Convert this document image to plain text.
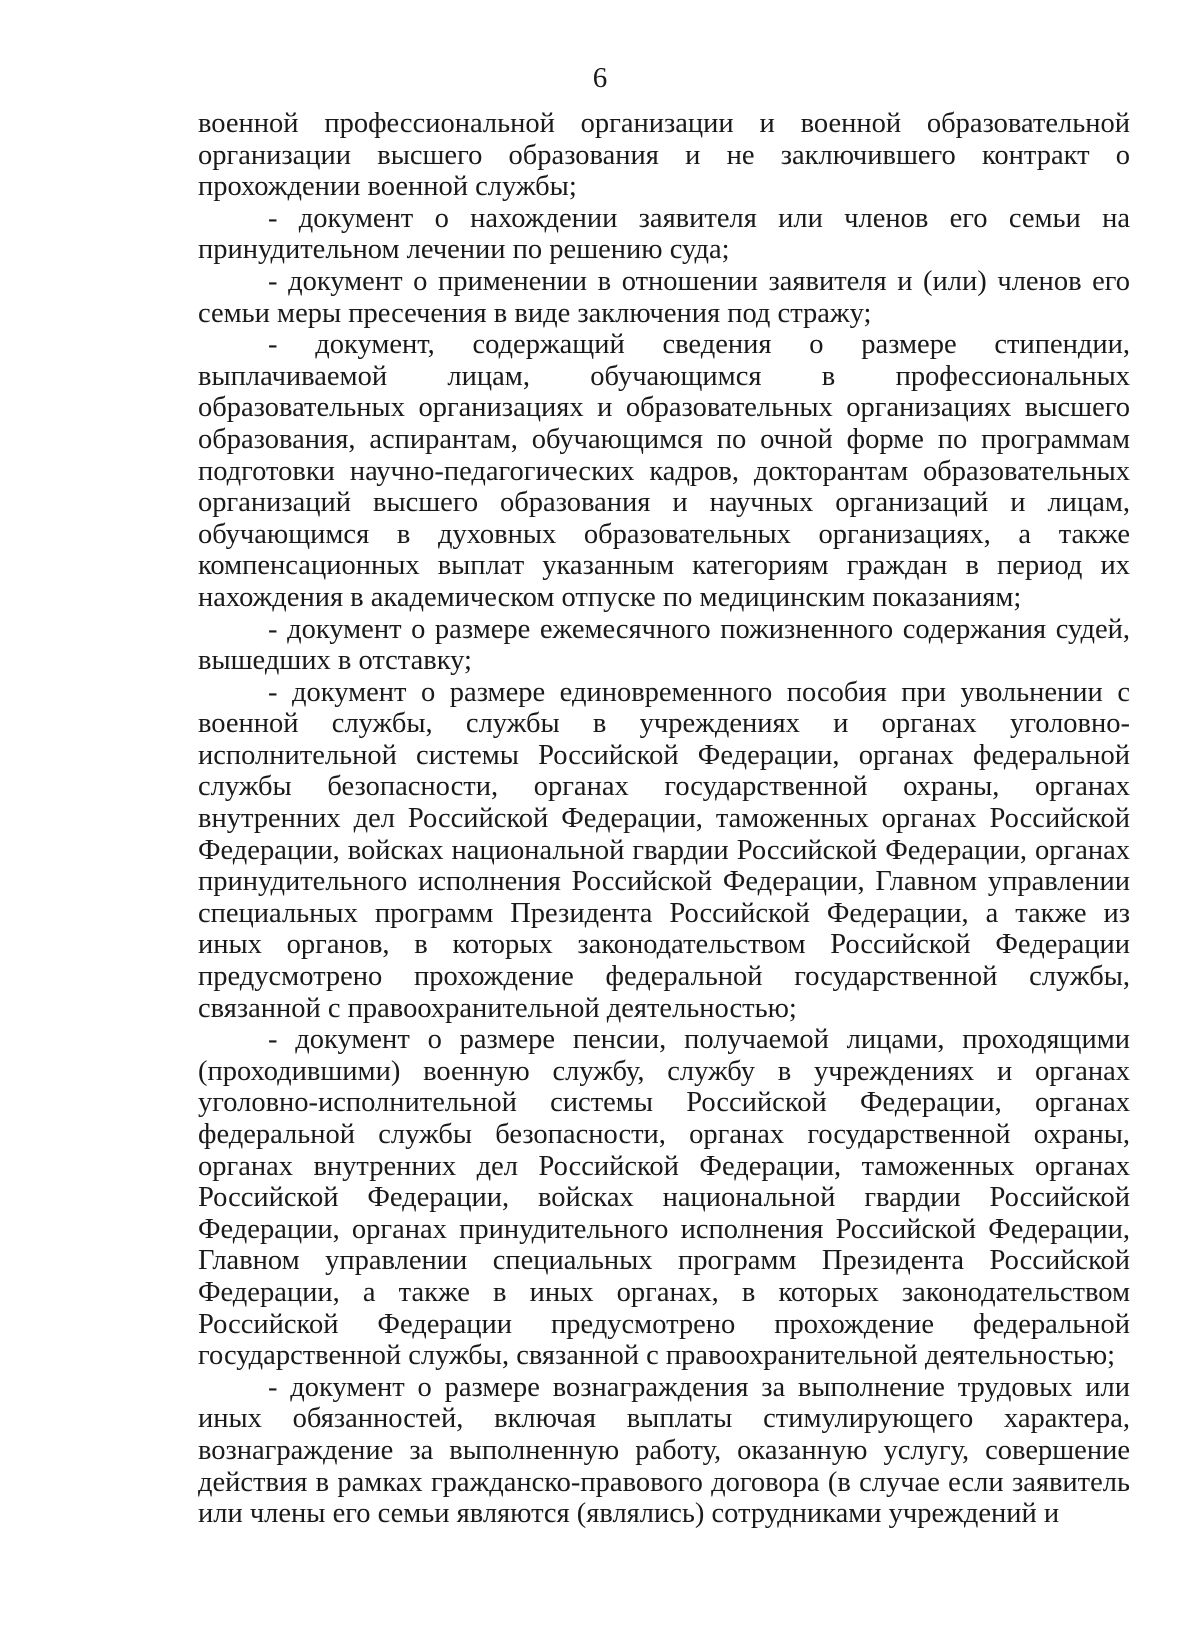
6

военной профессиональной организации и военной образовательной организации высшего образования и не заключившего контракт о прохождении военной службы;

- документ о нахождении заявителя или членов его семьи на принудительном лечении по решению суда;

- документ о применении в отношении заявителя и (или) членов его семьи меры пресечения в виде заключения под стражу;

- документ, содержащий сведения о размере стипендии, выплачиваемой лицам, обучающимся в профессиональных образовательных организациях и образовательных организациях высшего образования, аспирантам, обучающимся по очной форме по программам подготовки научно-педагогических кадров, докторантам образовательных организаций высшего образования и научных организаций и лицам, обучающимся в духовных образовательных организациях, а также компенсационных выплат указанным категориям граждан в период их нахождения в академическом отпуске по медицинским показаниям;

- документ о размере ежемесячного пожизненного содержания судей, вышедших в отставку;

- документ о размере единовременного пособия при увольнении с военной службы, службы в учреждениях и органах уголовно-исполнительной системы Российской Федерации, органах федеральной службы безопасности, органах государственной охраны, органах внутренних дел Российской Федерации, таможенных органах Российской Федерации, войсках национальной гвардии Российской Федерации, органах принудительного исполнения Российской Федерации, Главном управлении специальных программ Президента Российской Федерации, а также из иных органов, в которых законодательством Российской Федерации предусмотрено прохождение федеральной государственной службы, связанной с правоохранительной деятельностью;

- документ о размере пенсии, получаемой лицами, проходящими (проходившими) военную службу, службу в учреждениях и органах уголовно-исполнительной системы Российской Федерации, органах федеральной службы безопасности, органах государственной охраны, органах внутренних дел Российской Федерации, таможенных органах Российской Федерации, войсках национальной гвардии Российской Федерации, органах принудительного исполнения Российской Федерации, Главном управлении специальных программ Президента Российской Федерации, а также в иных органах, в которых законодательством Российской Федерации предусмотрено прохождение федеральной государственной службы, связанной с правоохранительной деятельностью;

- документ о размере вознаграждения за выполнение трудовых или иных обязанностей, включая выплаты стимулирующего характера, вознаграждение за выполненную работу, оказанную услугу, совершение действия в рамках гражданско-правового договора (в случае если заявитель или члены его семьи являются (являлись) сотрудниками учреждений и
